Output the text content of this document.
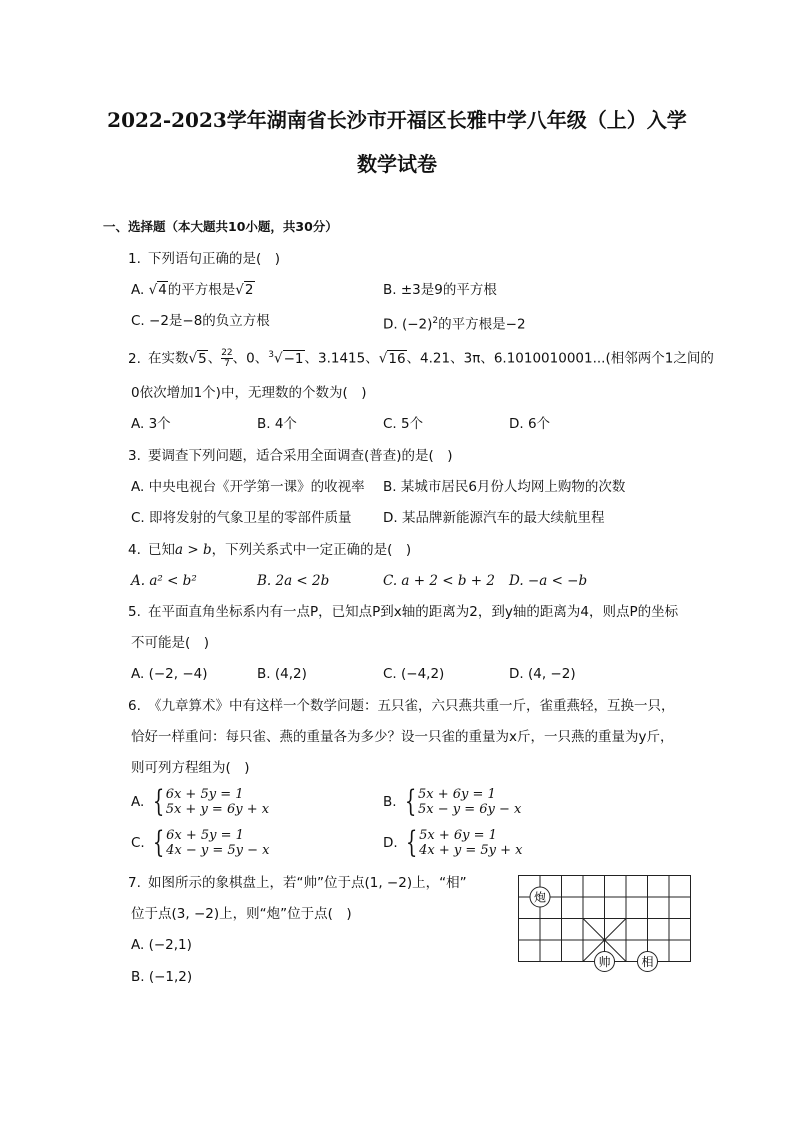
2022-2023学年湖南省长沙市开福区长雅中学八年级（上）入学
数学试卷
一、选择题（本大题共10小题，共30分）
1. 下列语句正确的是(　)
A. √4的平方根是√2	B. ±3是9的平方根
C. −2是−8的负立方根	D. $(-2)^2$的平方根是−2
2. 在实数√5、 $\frac{22}{7}$、0、$^3$√−1、3.1415、√16、4.21、3π、6.1010010001...(相邻两个1之间的
0依次增加1个)中，无理数的个数为(　)
A. 3个	B. 4个	C. 5个	D. 6个
3. 要调查下列问题，适合采用全面调查(普查)的是(　)
A. 中央电视台《开学第一课》的收视率 B. 某城市居民6月份人均网上购物的次数
C. 即将发射的气象卫星的零部件质量 D. 某品牌新能源汽车的最大续航里程
4. 已知a > b，下列关系式中一定正确的是(　)
A. a² < b²	B. 2a < 2b	C. a + 2 < b + 2 D. −a < −b
5. 在平面直角坐标系内有一点P，已知点P到x轴的距离为2，到y轴的距离为4，则点P的坐标
不可能是(　)
A. (−2, −4)	B. (4,2)	C. (−4,2)	D. (4, −2)
6. 《九章算术》中有这样一个数学问题：五只雀，六只燕共重一斤，雀重燕轻，互换一只，
恰好一样重问：每只雀、燕的重量各为多少？设一只雀的重量为x斤，一只燕的重量为y斤，
则可列方程组为(　)
A. { 6x + 5y = 1
5x + y = 6y + x	B. { 5x + 6y = 1
5x − y = 6y − x
C. { 6x + 5y = 1
4x − y = 5y − x	D. { 5x + 6y = 1
4x + y = 5y + x
7. 如图所示的象棋盘上，若“帅”位于点(1, −2)上，“相”
位于点(3, −2)上，则“炮”位于点(　)
A. (−2,1)
B. (−1,2)
炮
帅	相
